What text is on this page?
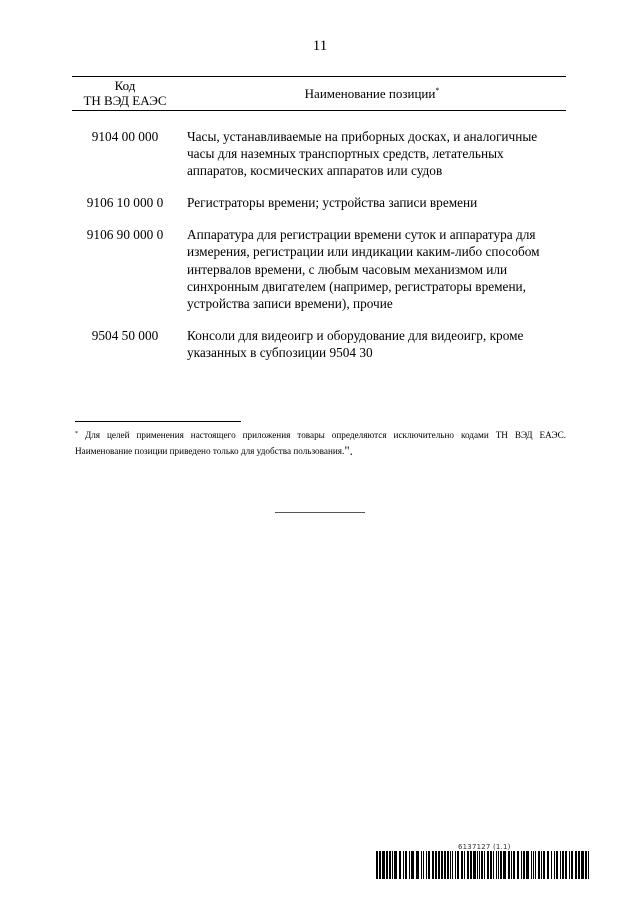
11
Код
ТН ВЭД ЕАЭС	Наименование позиции*
9104 00 000	Часы, устанавливаемые на приборных досках, и аналогичные часы для наземных транспортных средств, летательных аппаратов, космических аппаратов или судов
9106 10 000 0	Регистраторы времени; устройства записи времени
9106 90 000 0	Аппаратура для регистрации времени суток и аппаратура для измерения, регистрации или индикации каким-либо способом интервалов времени, с любым часовым механизмом или синхронным двигателем (например, регистраторы времени, устройства записи времени), прочие
9504 50 000	Консоли для видеоигр и оборудование для видеоигр, кроме указанных в субпозиции 9504 30
* Для целей применения настоящего приложения товары определяются исключительно кодами ТН ВЭД ЕАЭС. Наименование позиции приведено только для удобства пользования.".
6137127 (1.1)
